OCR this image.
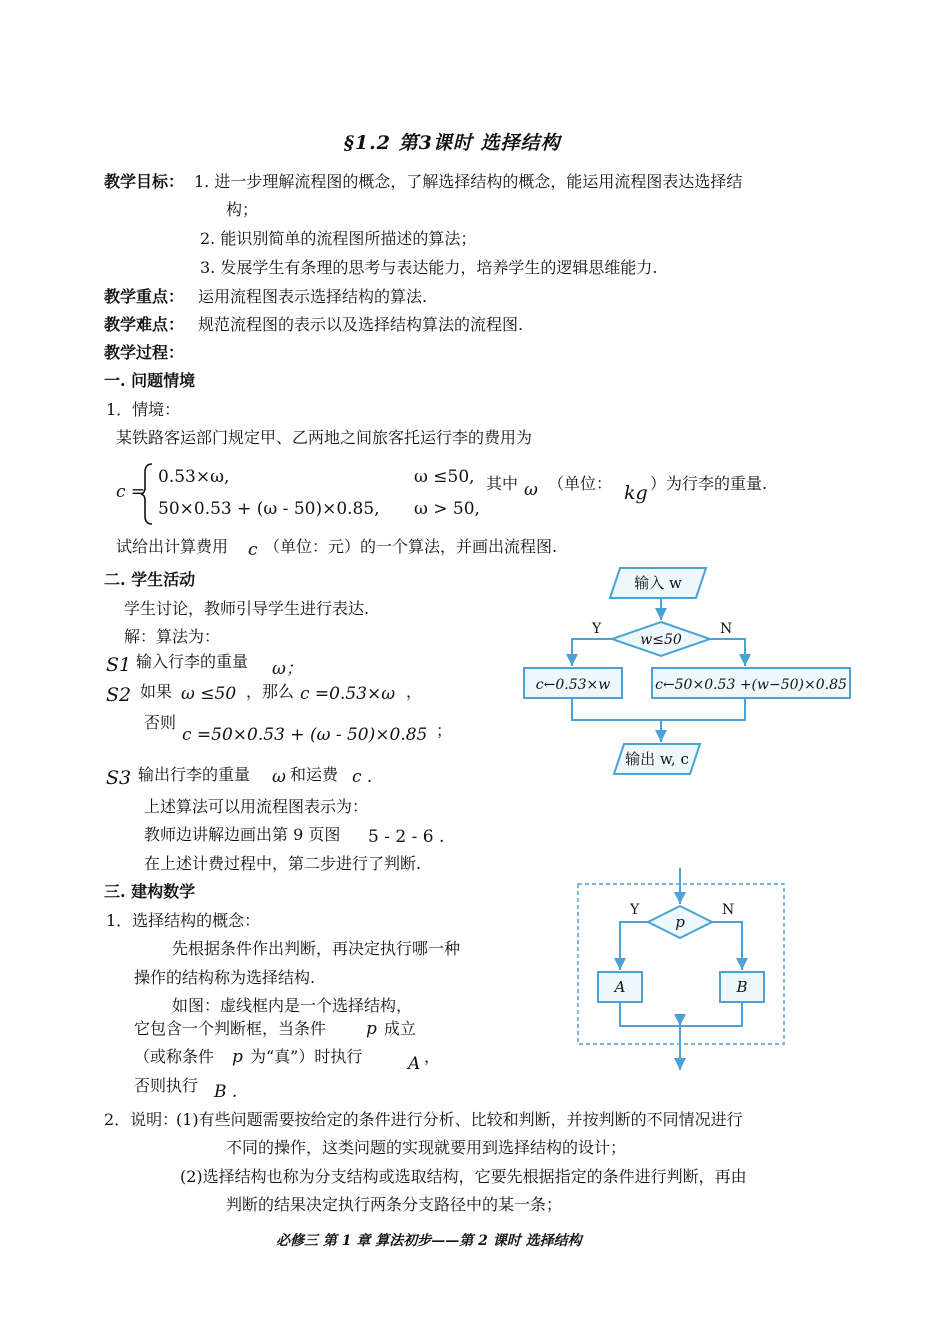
§1.2 第3课时 选择结构
教学目标： 1. 进一步理解流程图的概念，了解选择结构的概念，能运用流程图表达选择结
构；
2. 能识别简单的流程图所描述的算法；
3. 发展学生有条理的思考与表达能力，培养学生的逻辑思维能力.
教学重点： 运用流程图表示选择结构的算法.
教学难点： 规范流程图的表示以及选择结构算法的流程图.
教学过程：
一. 问题情境
1．情境：
某铁路客运部门规定甲、乙两地之间旅客托运行李的费用为
c =
0.53×ω,	ω ≤50,
50×0.53 + (ω - 50)×0.85, ω > 50,
其中 ω （单位： kg ）为行李的重量.
试给出计算费用 c （单位：元）的一个算法，并画出流程图.
二. 学生活动
学生讨论，教师引导学生进行表达.
解：算法为：
S1 输入行李的重量 ω；
S2 如果 ω ≤50 ，那么 c =0.53×ω ，
否则
c =50×0.53 + (ω - 50)×0.85 ；
S3 输出行李的重量 ω 和运费 c .
上述算法可以用流程图表示为：
教师边讲解边画出第 9 页图 5 - 2 - 6 .
在上述计费过程中，第二步进行了判断.
输入 w
w≤50
Y	N
c←0.53×w	c←50×0.53 +(w−50)×0.85
输出 w, c
三. 建构数学
1．选择结构的概念：
先根据条件作出判断，再决定执行哪一种
操作的结构称为选择结构.
如图：虚线框内是一个选择结构，
它包含一个判断框，当条件 p 成立
（或称条件 p 为“真”）时执行	A ，
否则执行 B .
p
Y	N
A	B
2．说明：
(1)有些问题需要按给定的条件进行分析、比较和判断，并按判断的不同情况进行
不同的操作，这类问题的实现就要用到选择结构的设计；
(2)选择结构也称为分支结构或选取结构，它要先根据指定的条件进行判断，再由
判断的结果决定执行两条分支路径中的某一条；
必修三 第 1 章 算法初步——第 2 课时 选择结构
